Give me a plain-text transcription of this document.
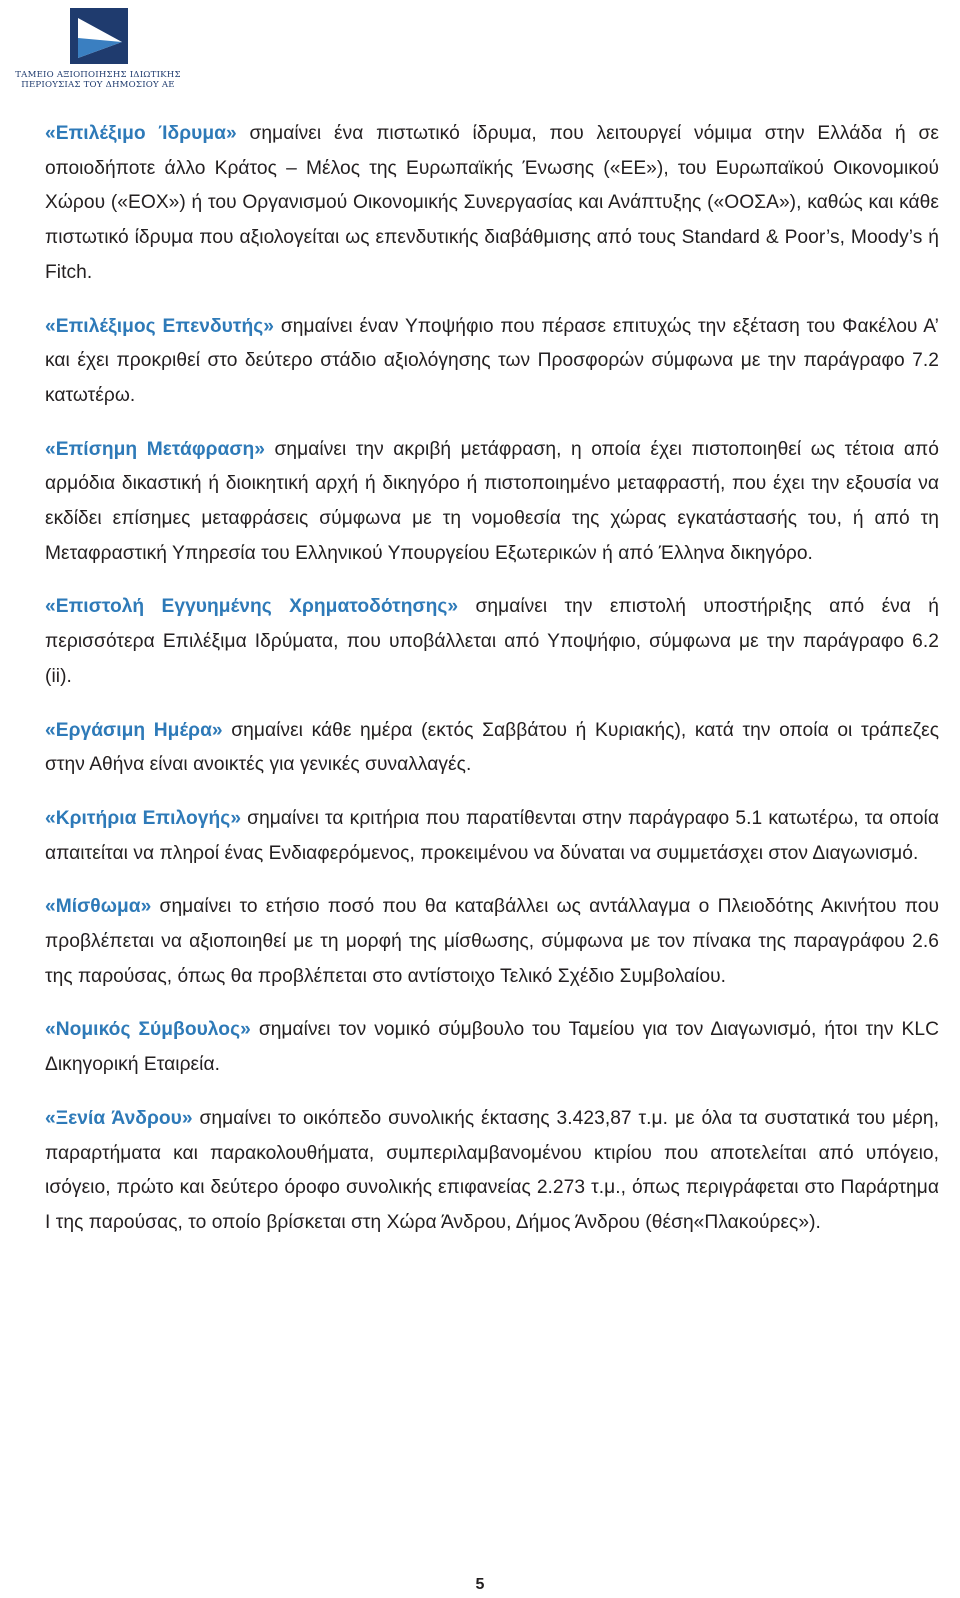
ΤΑΜΕΙΟ ΑΞΙΟΠΟΙΗΣΗΣ ΙΔΙΩΤΙΚΗΣ
ΠΕΡΙΟΥΣΙΑΣ ΤΟΥ ΔΗΜΟΣΙΟΥ ΑΕ

«Επιλέξιμο Ίδρυμα» σημαίνει ένα πιστωτικό ίδρυμα, που λειτουργεί νόμιμα στην Ελλάδα ή σε οποιοδήποτε άλλο Κράτος – Μέλος της Ευρωπαϊκής Ένωσης («ΕΕ»), του Ευρωπαϊκού Οικονομικού Χώρου («ΕΟΧ») ή του Οργανισμού Οικονομικής Συνεργασίας και Ανάπτυξης («ΟΟΣΑ»), καθώς και κάθε πιστωτικό ίδρυμα που αξιολογείται ως επενδυτικής διαβάθμισης από τους Standard & Poor’s, Moody’s ή Fitch.

«Επιλέξιμος Επενδυτής» σημαίνει έναν Υποψήφιο που πέρασε επιτυχώς την εξέταση του Φακέλου Α’ και έχει προκριθεί στο δεύτερο στάδιο αξιολόγησης των Προσφορών σύμφωνα με την παράγραφο 7.2 κατωτέρω.

«Επίσημη Μετάφραση» σημαίνει την ακριβή μετάφραση, η οποία έχει πιστοποιηθεί ως τέτοια από αρμόδια δικαστική ή διοικητική αρχή ή δικηγόρο ή πιστοποιημένο μεταφραστή, που έχει την εξουσία να εκδίδει επίσημες μεταφράσεις σύμφωνα με τη νομοθεσία της χώρας εγκατάστασής του, ή από τη Μεταφραστική Υπηρεσία του Ελληνικού Υπουργείου Εξωτερικών ή από Έλληνα δικηγόρο.

«Επιστολή Εγγυημένης Χρηματοδότησης» σημαίνει την επιστολή υποστήριξης από ένα ή περισσότερα Επιλέξιμα Ιδρύματα, που υποβάλλεται από Υποψήφιο, σύμφωνα με την παράγραφο 6.2 (ii).

«Εργάσιμη Ημέρα» σημαίνει κάθε ημέρα (εκτός Σαββάτου ή Κυριακής), κατά την οποία οι τράπεζες στην Αθήνα είναι ανοικτές για γενικές συναλλαγές.

«Κριτήρια Επιλογής» σημαίνει τα κριτήρια που παρατίθενται στην παράγραφο 5.1 κατωτέρω, τα οποία απαιτείται να πληροί ένας Ενδιαφερόμενος, προκειμένου να δύναται να συμμετάσχει στον Διαγωνισμό.

«Μίσθωμα» σημαίνει το ετήσιο ποσό που θα καταβάλλει ως αντάλλαγμα ο Πλειοδότης Ακινήτου που προβλέπεται να αξιοποιηθεί με τη μορφή της μίσθωσης, σύμφωνα με τον πίνακα της παραγράφου 2.6 της παρούσας, όπως θα προβλέπεται στο αντίστοιχο Τελικό Σχέδιο Συμβολαίου.

«Νομικός Σύμβουλος» σημαίνει τον νομικό σύμβουλο του Ταμείου για τον Διαγωνισμό, ήτοι την KLC Δικηγορική Εταιρεία.

«Ξενία Άνδρου» σημαίνει το οικόπεδο συνολικής έκτασης 3.423,87 τ.μ. με όλα τα συστατικά του μέρη, παραρτήματα και παρακολουθήματα, συμπεριλαμβανομένου κτιρίου που αποτελείται από υπόγειο, ισόγειο, πρώτο και δεύτερο όροφο συνολικής επιφανείας 2.273 τ.μ., όπως περιγράφεται στο Παράρτημα Ι της παρούσας, το οποίο βρίσκεται στη Χώρα Άνδρου, Δήμος Άνδρου (θέση«Πλακούρες»).

5
